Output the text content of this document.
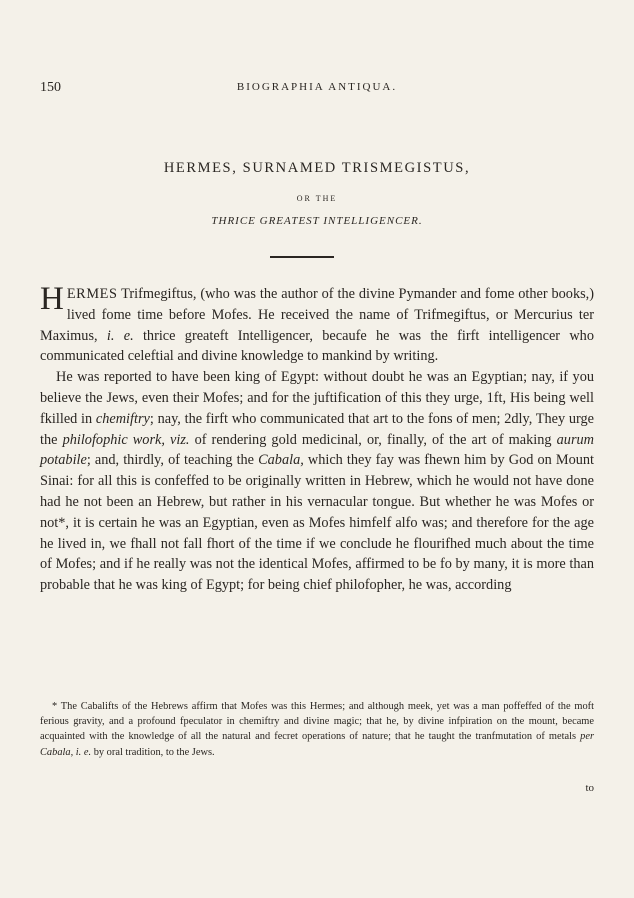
150	BIOGRAPHIA ANTIQUA.
HERMES, SURNAMED TRISMEGISTUS,
OR THE
THRICE GREATEST INTELLIGENCER.

HERMES Trifmegiftus, (who was the author of the divine Pymander and fome other books,) lived fome time before Mofes. He received the name of Trifmegiftus, or Mercurius ter Maximus, i. e. thrice greateft Intelligencer, becaufe he was the firft intelligencer who communicated celeftial and divine knowledge to mankind by writing.

He was reported to have been king of Egypt: without doubt he was an Egyptian; nay, if you believe the Jews, even their Mofes; and for the juftification of this they urge, 1ft, His being well fkilled in chemiftry; nay, the firft who communicated that art to the fons of men; 2dly, They urge the philofophic work, viz. of rendering gold medicinal, or, finally, of the art of making aurum potabile; and, thirdly, of teaching the Cabala, which they fay was fhewn him by God on Mount Sinai: for all this is confeffed to be originally written in Hebrew, which he would not have done had he not been an Hebrew, but rather in his vernacular tongue. But whether he was Mofes or not*, it is certain he was an Egyptian, even as Mofes himfelf alfo was; and therefore for the age he lived in, we fhall not fall fhort of the time if we conclude he flourifhed much about the time of Mofes; and if he really was not the identical Mofes, affirmed to be fo by many, it is more than probable that he was king of Egypt; for being chief philofopher, he was, according

* The Cabalifts of the Hebrews affirm that Mofes was this Hermes; and although meek, yet was a man poffeffed of the moft ferious gravity, and a profound fpeculator in chemiftry and divine magic; that he, by divine infpiration on the mount, became acquainted with the knowledge of all the natural and fecret operations of nature; that he taught the tranfmutation of metals per Cabala, i. e. by oral tradition, to the Jews.
to
